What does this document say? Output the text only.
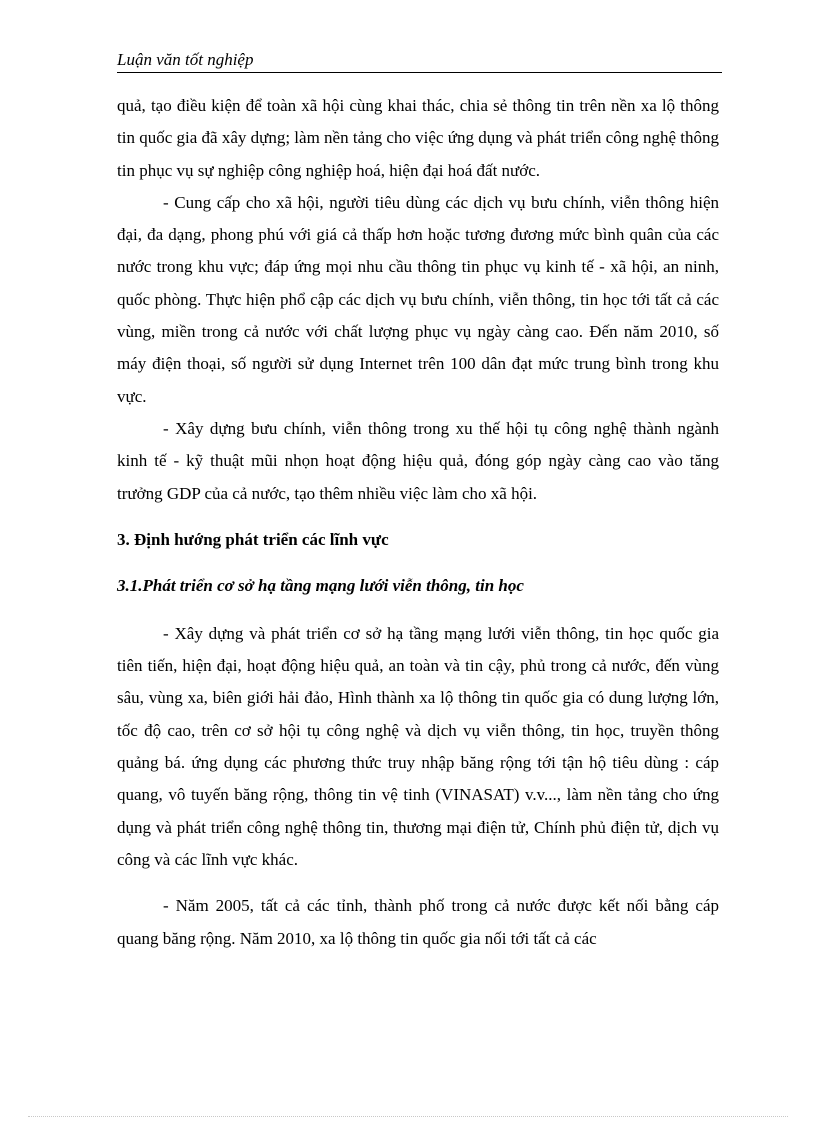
Luận văn tốt nghiệp

quả, tạo điều kiện để toàn xã hội cùng khai thác, chia sẻ thông tin trên nền xa lộ thông tin quốc gia đã xây dựng; làm nền tảng cho việc ứng dụng và phát triển công nghệ thông tin phục vụ sự nghiệp công nghiệp hoá, hiện đại hoá đất nước.

- Cung cấp cho xã hội, người tiêu dùng các dịch vụ bưu chính, viễn thông hiện đại, đa dạng, phong phú với giá cả thấp hơn hoặc tương đương mức bình quân của các nước trong khu vực; đáp ứng mọi nhu cầu thông tin phục vụ kinh tế - xã hội, an ninh, quốc phòng. Thực hiện phổ cập các dịch vụ bưu chính, viễn thông, tin học tới tất cả các vùng, miền trong cả nước với chất lượng phục vụ ngày càng cao. Đến năm 2010, số máy điện thoại, số người sử dụng Internet trên 100 dân đạt mức trung bình trong khu vực.

- Xây dựng bưu chính, viễn thông trong xu thế hội tụ công nghệ thành ngành kinh tế - kỹ thuật mũi nhọn hoạt động hiệu quả, đóng góp ngày càng cao vào tăng trưởng GDP của cả nước, tạo thêm nhiều việc làm cho xã hội.

3. Định hướng phát triển các lĩnh vực
3.1.Phát triển cơ sở hạ tầng mạng lưới viễn thông, tin học

- Xây dựng và phát triển cơ sở hạ tầng mạng lưới viễn thông, tin học quốc gia tiên tiến, hiện đại, hoạt động hiệu quả, an toàn và tin cậy, phủ trong cả nước, đến vùng sâu, vùng xa, biên giới hải đảo, Hình thành xa lộ thông tin quốc gia có dung lượng lớn, tốc độ cao, trên cơ sở hội tụ công nghệ và dịch vụ viễn thông, tin học, truyền thông quảng bá. ứng dụng các phương thức truy nhập băng rộng tới tận hộ tiêu dùng : cáp quang, vô tuyến băng rộng, thông tin vệ tinh (VINASAT) v.v..., làm nền tảng cho ứng dụng và phát triển công nghệ thông tin, thương mại điện tử, Chính phủ điện tử, dịch vụ công và các lĩnh vực khác.

- Năm 2005, tất cả các tỉnh, thành phố trong cả nước được kết nối bằng cáp quang băng rộng. Năm 2010, xa lộ thông tin quốc gia nối tới tất cả các
